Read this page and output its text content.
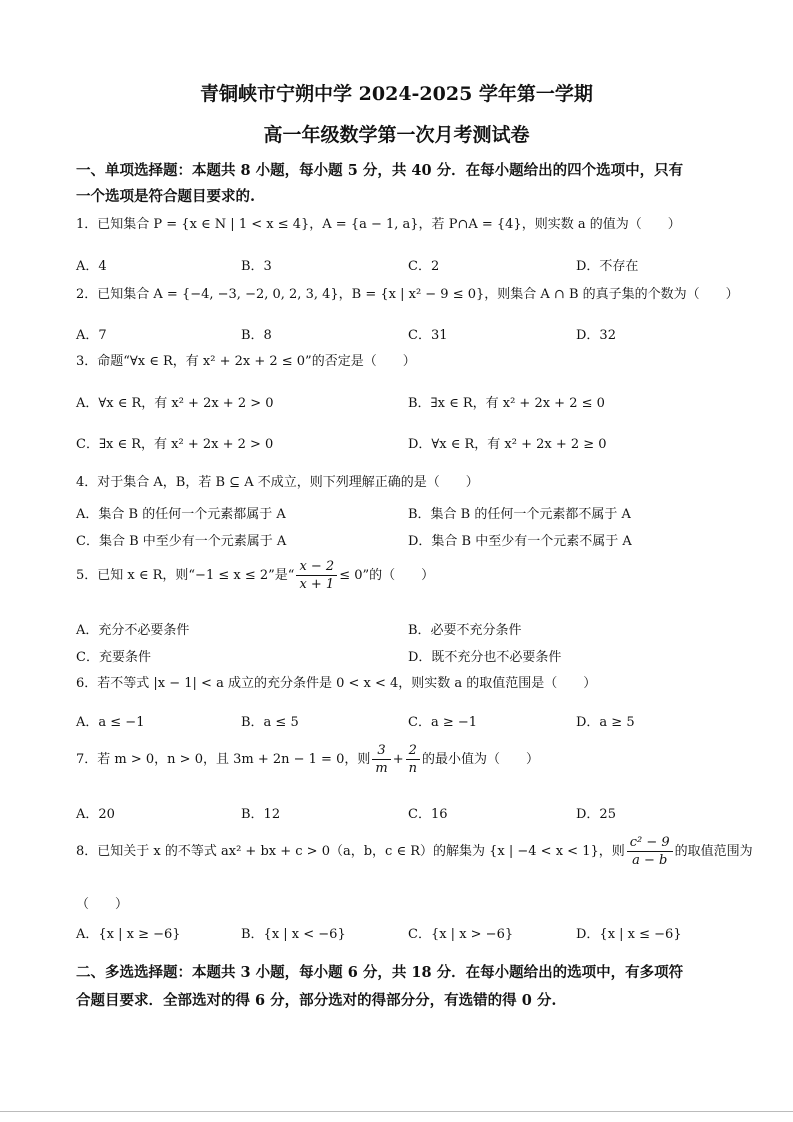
青铜峡市宁朔中学 2024-2025 学年第一学期
高一年级数学第一次月考测试卷
一、单项选择题：本题共 8 小题，每小题 5 分，共 40 分．在每小题给出的四个选项中，只有
一个选项是符合题目要求的.
1．已知集合 P = {x ∈ N | 1 < x ≤ 4}，A = {a − 1, a}，若 P∩A = {4}，则实数 a 的值为（　　）
A．4	B．3	C．2	D．不存在
2．已知集合 A = {−4, −3, −2, 0, 2, 3, 4}，B = {x | x² − 9 ≤ 0}，则集合 A ∩ B 的真子集的个数为（　　）
A．7	B．8	C．31	D．32
3．命题“∀x ∈ R，有 x² + 2x + 2 ≤ 0”的否定是（　　）
A．∀x ∈ R，有 x² + 2x + 2 > 0	B．∃x ∈ R，有 x² + 2x + 2 ≤ 0
C．∃x ∈ R，有 x² + 2x + 2 > 0	D．∀x ∈ R，有 x² + 2x + 2 ≥ 0
4．对于集合 A，B，若 B ⊆ A 不成立，则下列理解正确的是（　　）
A．集合 B 的任何一个元素都属于 A	B．集合 B 的任何一个元素都不属于 A
C．集合 B 中至少有一个元素属于 A	D．集合 B 中至少有一个元素不属于 A
5．已知 x ∈ R，则“−1 ≤ x ≤ 2”是“ $\frac{x - 2}{x + 1} \le 0$”的（　　）
A．充分不必要条件	B．必要不充分条件
C．充要条件	D．既不充分也不必要条件
6．若不等式 |x − 1| < a 成立的充分条件是 0 < x < 4，则实数 a 的取值范围是（　　）
A．a ≤ −1	B．a ≤ 5	C．a ≥ −1	D．a ≥ 5
7．若 m > 0，n > 0，且 3m + 2n − 1 = 0，则 $\frac{3}{m} + \frac{2}{n}$ 的最小值为（　　）
A．20	B．12	C．16	D．25
8．已知关于 x 的不等式 ax² + bx + c > 0（a，b，c ∈ R）的解集为 {x | −4 < x < 1}，则 $\frac{\text{c² − 9}}{a - b}$ 的取值范围为
（　　）
A．{x | x ≥ −6}	B．{x | x < −6}	C．{x | x > −6}	D．{x | x ≤ −6}
二、多选选择题：本题共 3 小题，每小题 6 分，共 18 分．在每小题给出的选项中，有多项符
合题目要求．全部选对的得 6 分，部分选对的得部分分，有选错的得 0 分.
